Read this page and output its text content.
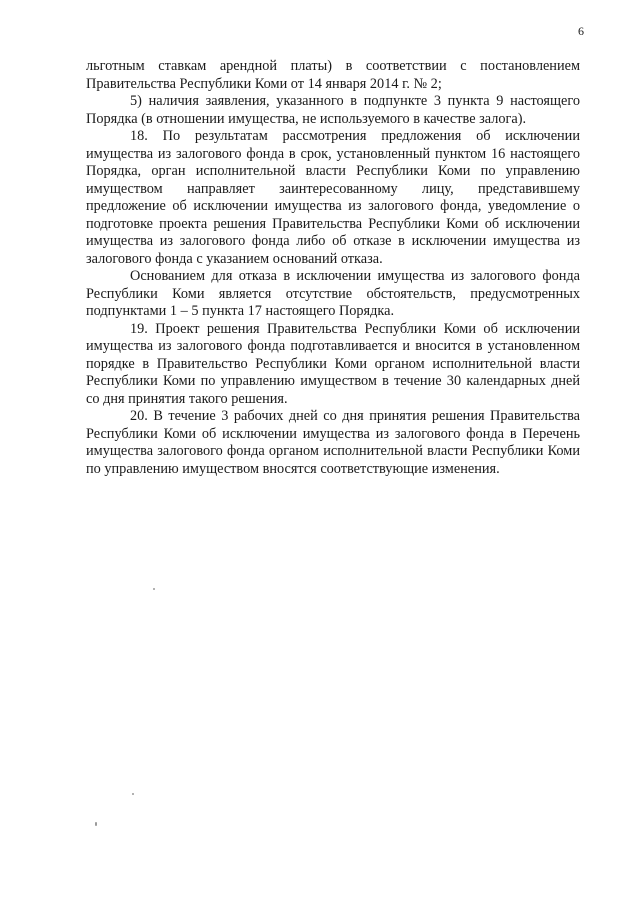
6

льготным ставкам арендной платы) в соответствии с постановлением Правительства Республики Коми от 14 января 2014 г. № 2;

5) наличия заявления, указанного в подпункте 3 пункта 9 настоящего Порядка (в отношении имущества, не используемого в качестве залога).

18. По результатам рассмотрения предложения об исключении имущества из залогового фонда в срок, установленный пунктом 16 настоящего Порядка, орган исполнительной власти Республики Коми по управлению имуществом направляет заинтересованному лицу, представившему предложение об исключении имущества из залогового фонда, уведомление о подготовке проекта решения Правительства Республики Коми об исключении имущества из залогового фонда либо об отказе в исключении имущества из залогового фонда с указанием оснований отказа.

Основанием для отказа в исключении имущества из залогового фонда Республики Коми является отсутствие обстоятельств, предусмотренных подпунктами 1 – 5 пункта 17 настоящего Порядка.

19. Проект решения Правительства Республики Коми об исключении имущества из залогового фонда подготавливается и вносится в установленном порядке в Правительство Республики Коми органом исполнительной власти Республики Коми по управлению имуществом в течение 30 календарных дней со дня принятия такого решения.

20. В течение 3 рабочих дней со дня принятия решения Правительства Республики Коми об исключении имущества из залогового фонда в Перечень имущества залогового фонда органом исполнительной власти Республики Коми по управлению имуществом вносятся соответствующие изменения.
